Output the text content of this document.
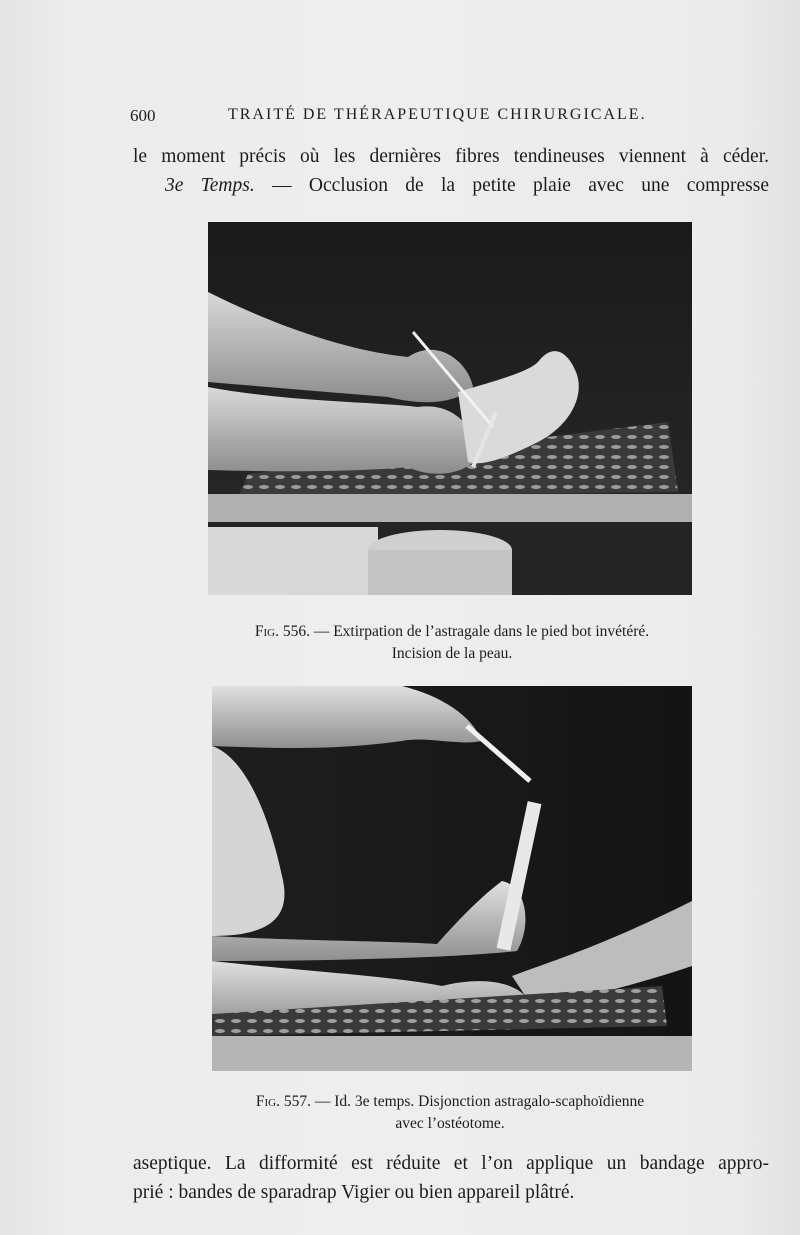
600	TRAITÉ DE THÉRAPEUTIQUE CHIRURGICALE.
le moment précis où les dernières fibres tendineuses viennent à céder.
3e Temps. — Occlusion de la petite plaie avec une compresse
Fig. 556. — Extirpation de l’astragale dans le pied bot invétéré.
Incision de la peau.
Fig. 557. — Id. 3e temps. Disjonction astragalo-scaphoïdienne
avec l’ostéotome.
aseptique. La difformité est réduite et l’on applique un bandage appro-
prié : bandes de sparadrap Vigier ou bien appareil plâtré.
